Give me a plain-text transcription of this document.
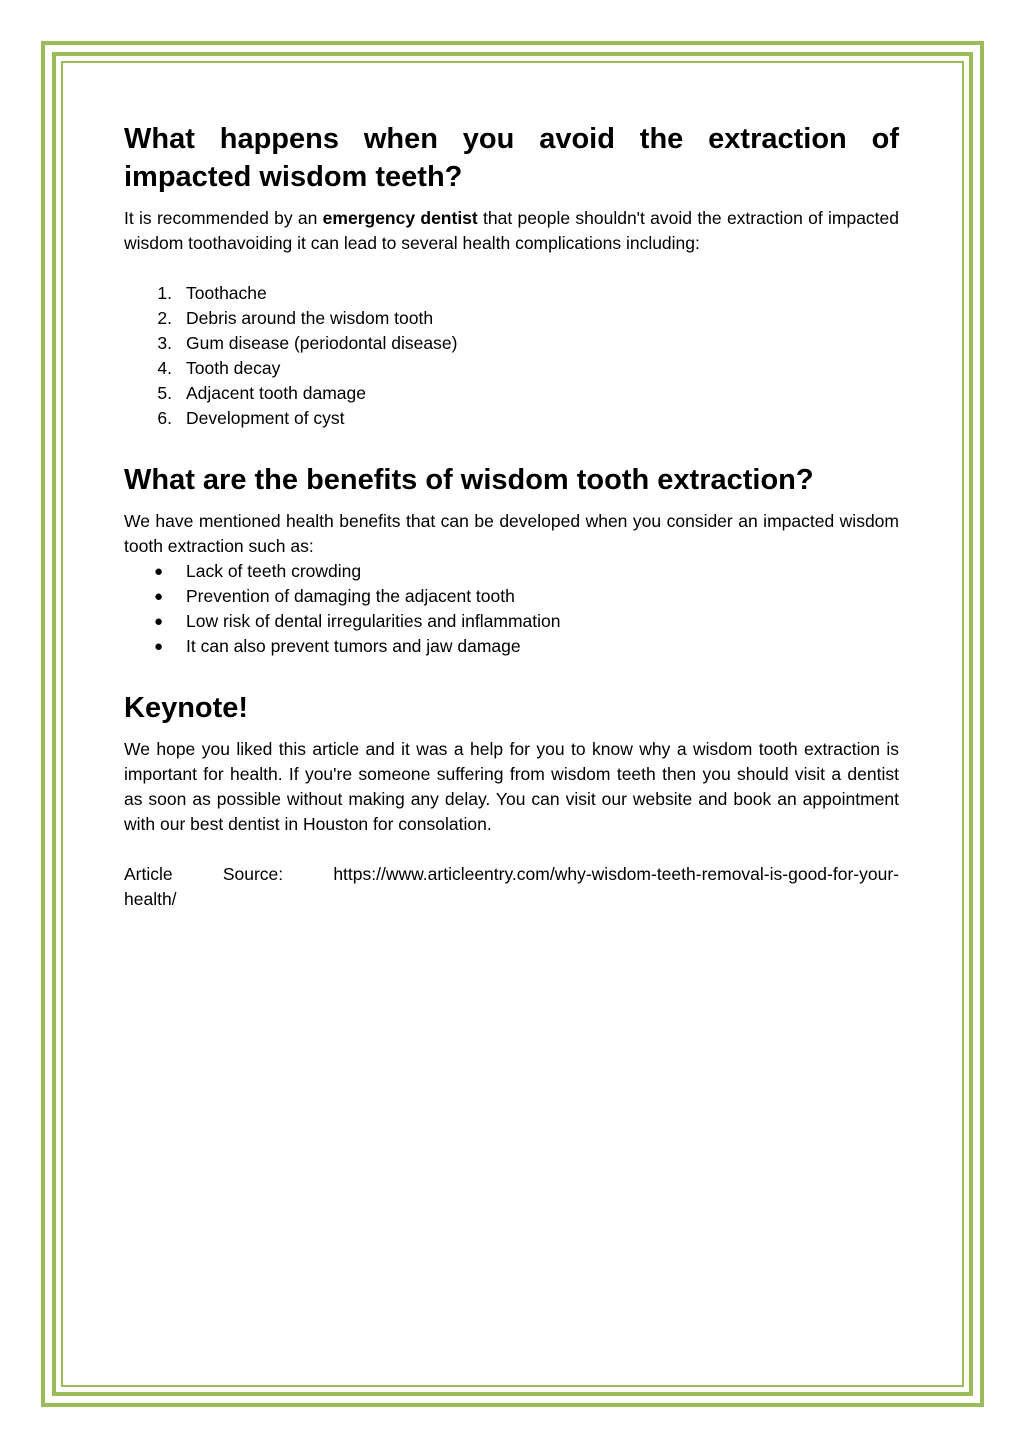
What happens when you avoid the extraction of
impacted wisdom teeth?

It is recommended by an emergency dentist that people shouldn't avoid the extraction of impacted wisdom toothavoiding it can lead to several health complications including:

1. Toothache
2. Debris around the wisdom tooth
3. Gum disease (periodontal disease)
4. Tooth decay
5. Adjacent tooth damage
6. Development of cyst
What are the benefits of wisdom tooth extraction?

We have mentioned health benefits that can be developed when you consider an impacted wisdom tooth extraction such as:

●	Lack of teeth crowding
●	Prevention of damaging the adjacent tooth
●	Low risk of dental irregularities and inflammation
●	It can also prevent tumors and jaw damage
Keynote!

We hope you liked this article and it was a help for you to know why a wisdom tooth extraction is important for health. If you're someone suffering from wisdom teeth then you should visit a dentist as soon as possible without making any delay. You can visit our website and book an appointment with our best dentist in Houston for consolation.

Article	Source:	https://www.articleentry.com/why-wisdom-teeth-removal-is-good-for-your-

health/
